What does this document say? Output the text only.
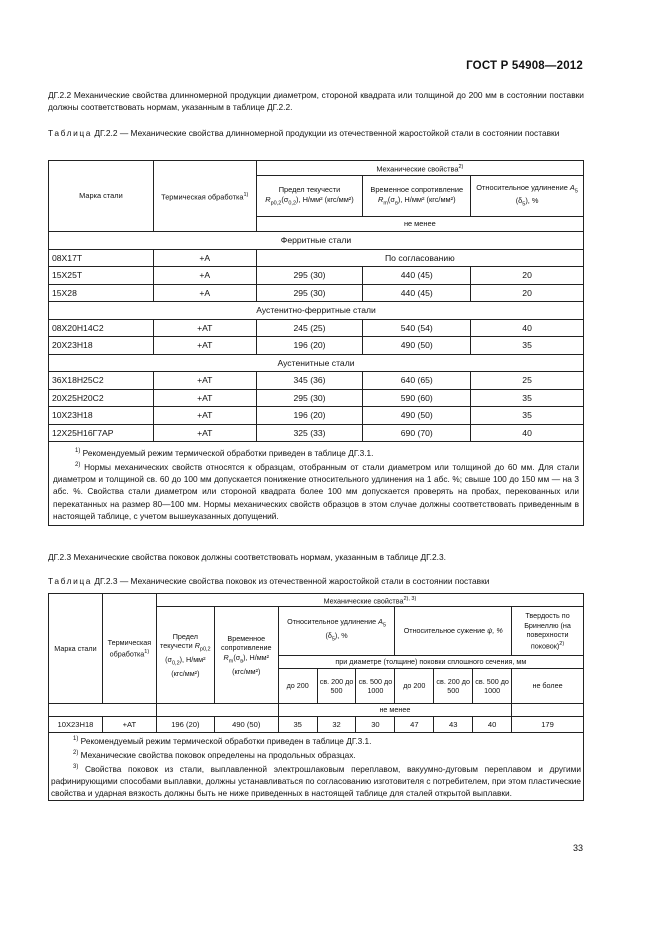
ГОСТ Р 54908—2012
ДГ.2.2 Механические свойства длинномерной продукции диаметром, стороной квадрата или толщиной до 200 мм в состоянии поставки должны соответствовать нормам, указанным в таблице ДГ.2.2.
Таблица ДГ.2.2 — Механические свойства длинномерной продукции из отечественной жаростойкой стали в состоянии поставки
Марка стали	Термическая обработка$^{1)}$	Механические свойства$^{2)}$
		Предел текучести
$R_{p0,2}(\sigma_{0,2})$, Н/мм² (кгс/мм²)	Временное сопротивление $R_m(\sigma_в)$, Н/мм² (кгс/мм²)	Относительное удлинение $A_5$ $(\delta_5)$, %
		не менее		
Ферритные стали				
08Х17Т	+А	По согласованию		
15Х25Т	+А	295 (30)	440 (45)	20
15Х28	+А	295 (30)	440 (45)	20
Аустенитно-ферритные стали				
08Х20Н14С2	+АТ	245 (25)	540 (54)	40
20Х23Н18	+АТ	196 (20)	490 (50)	35
Аустенитные стали				
36Х18Н25С2	+АТ	345 (36)	640 (65)	25
20Х25Н20С2	+АТ	295 (30)	590 (60)	35
10Х23Н18	+АТ	196 (20)	490 (50)	35
12Х25Н16Г7АР	+АТ	325 (33)	690 (70)	40

$^{1)}$ Рекомендуемый режим термической обработки приведен в таблице ДГ.3.1.

$^{2)}$ Нормы механических свойств относятся к образцам, отобранным от стали диаметром или толщиной до 60 мм. Для стали диаметром и толщиной св. 60 до 100 мм допускается понижение относительного удлинения на 1 абс. %; свыше 100 до 150 мм — на 3 абс. %. Свойства стали диаметром или стороной квадрата более 100 мм допускается проверять на пробах, перекованных или перекатанных на размер 80—100 мм. Нормы механических свойств образцов в этом случае должны соответствовать приведенным в настоящей таблице, с учетом вышеуказанных допущений.				

ДГ.2.3 Механические свойства поковок должны соответствовать нормам, указанным в таблице ДГ.2.3.
Таблица ДГ.2.3 — Механические свойства поковок из отечественной жаростойкой стали в состоянии поставки
Марка стали	Термическая обработка$^{1)}$	Механические свойства$^{2), 3)}$
		Предел текучести $R_{p0,2}$ $(\sigma_{0,2})$, Н/мм² (кгс/мм²)	Временное сопротивление $R_m(\sigma_в)$, Н/мм² (кгс/мм²)	Относительное удлинение $A_5$ $(\delta_5)$, %			Относительное сужение ψ, %			Твердость по Бринеллю (на поверхности поковок)$^{2)}$
				при диаметре (толщине) поковки сплошного сечения, мм						
				до 200	св. 200 до 500	св. 500 до 1000	до 200	св. 200 до 500	св. 500 до 1000	не более
				не менее						
10Х23Н18	+АТ	196 (20)	490 (50)	35	32	30	47	43	40	179

$^{1)}$ Рекомендуемый режим термической обработки приведен в таблице ДГ.3.1.

$^{2)}$ Механические свойства поковок определены на продольных образцах.

$^{3)}$ Свойства поковок из стали, выплавленной электрошлаковым переплавом, вакуумно-дуговым переплавом и другими рафинирующими способами выплавки, должны устанавливаться по согласованию изготовителя с потребителем, при этом пластические свойства и ударная вязкость должны быть не ниже приведенных в настоящей таблице для сталей открытой выплавки.										

33
